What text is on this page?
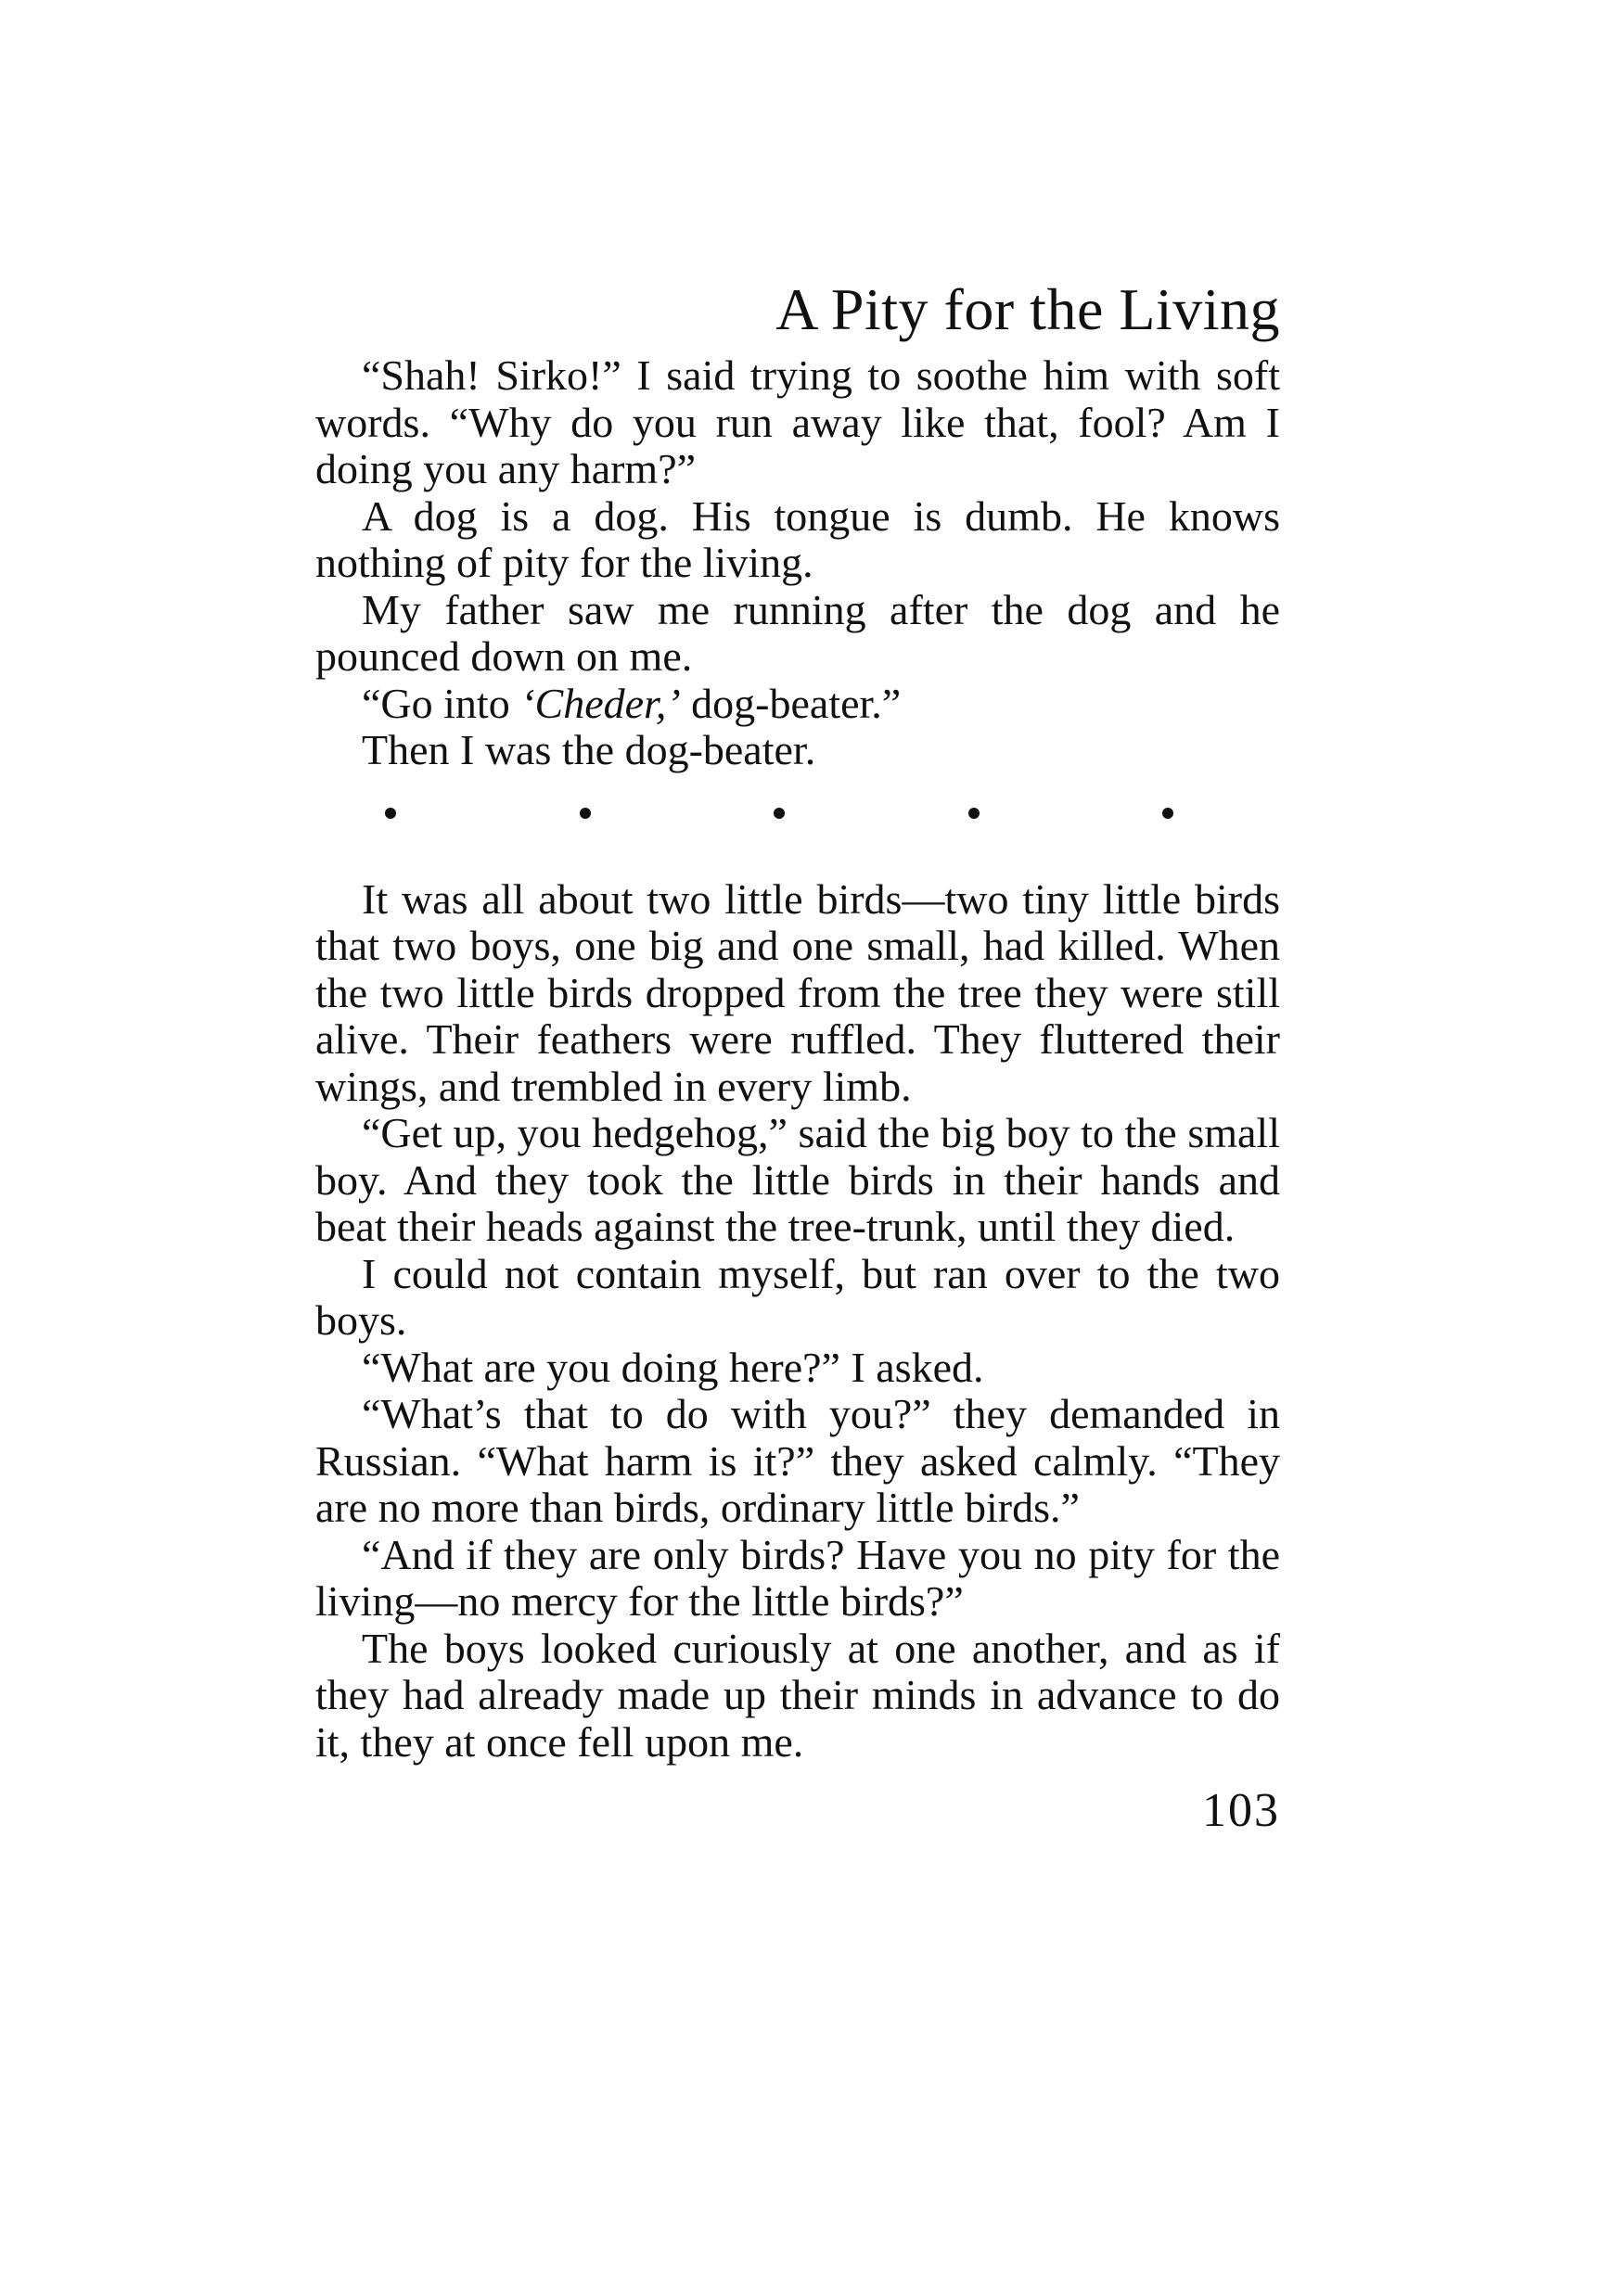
A Pity for the Living

“Shah! Sirko!” I said trying to soothe him with soft words. “Why do you run away like that, fool? Am I doing you any harm?”

A dog is a dog. His tongue is dumb. He knows nothing of pity for the living.

My father saw me running after the dog and he pounced down on me.

“Go into ‘Cheder,’ dog-beater.”

Then I was the dog-beater.

It was all about two little birds—two tiny little birds that two boys, one big and one small, had killed. When the two little birds dropped from the tree they were still alive. Their feathers were ruffled. They fluttered their wings, and trembled in every limb.

“Get up, you hedgehog,” said the big boy to the small boy. And they took the little birds in their hands and beat their heads against the tree-trunk, until they died.

I could not contain myself, but ran over to the two boys.

“What are you doing here?” I asked.

“What’s that to do with you?” they demanded in Russian. “What harm is it?” they asked calmly. “They are no more than birds, ordinary little birds.”

“And if they are only birds? Have you no pity for the living—no mercy for the little birds?”

The boys looked curiously at one another, and as if they had already made up their minds in advance to do it, they at once fell upon me.

103
